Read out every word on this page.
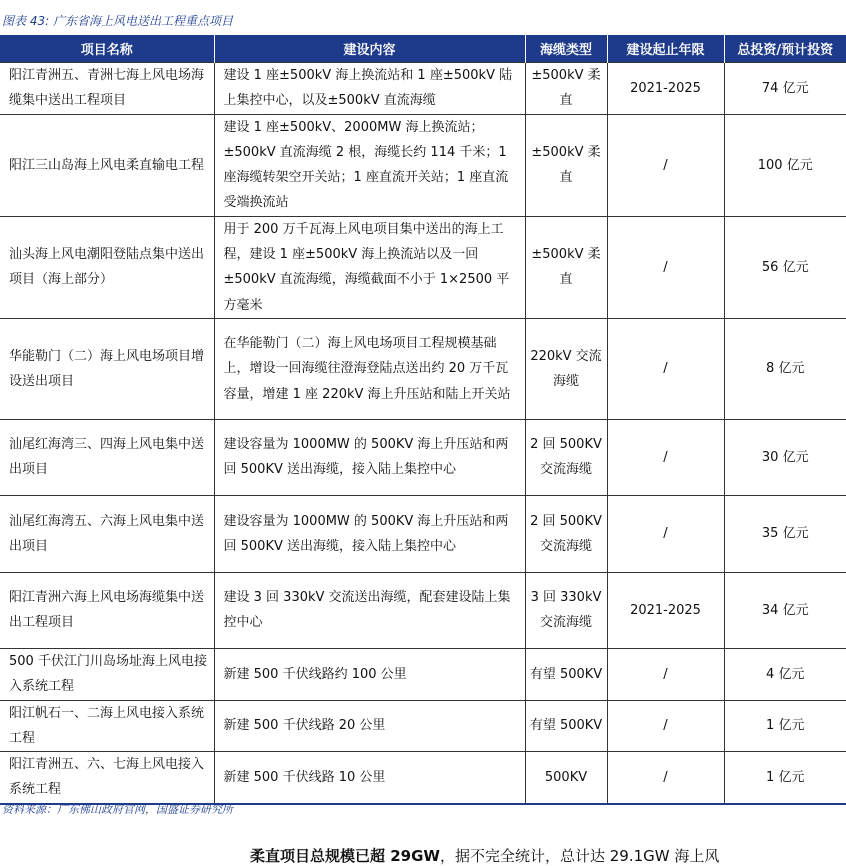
图表 43: 广东省海上风电送出工程重点项目
项目名称	建设内容	海缆类型	建设起止年限	总投资/预计投资
阳江青洲五、青洲七海上风电场海缆集中送出工程项目	建设 1 座±500kV 海上换流站和 1 座±500kV 陆上集控中心，以及±500kV 直流海缆	±500kV 柔直	2021-2025	74 亿元
阳江三山岛海上风电柔直输电工程	建设 1 座±500kV、2000MW 海上换流站；±500kV 直流海缆 2 根，海缆长约 114 千米；1 座海缆转架空开关站；1 座直流开关站；1 座直流受端换流站	±500kV 柔直	/	100 亿元
汕头海上风电潮阳登陆点集中送出项目（海上部分）	用于 200 万千瓦海上风电项目集中送出的海上工程，建设 1 座±500kV 海上换流站以及一回±500kV 直流海缆，海缆截面不小于 1×2500 平方毫米	±500kV 柔直	/	56 亿元
华能勒门（二）海上风电场项目增设送出项目	在华能勒门（二）海上风电场项目工程规模基础上，增设一回海缆往澄海登陆点送出约 20 万千瓦容量，增建 1 座 220kV 海上升压站和陆上开关站	220kV 交流海缆	/	8 亿元
汕尾红海湾三、四海上风电集中送出项目	建设容量为 1000MW 的 500KV 海上升压站和两回 500KV 送出海缆，接入陆上集控中心	2 回 500KV 交流海缆	/	30 亿元
汕尾红海湾五、六海上风电集中送出项目	建设容量为 1000MW 的 500KV 海上升压站和两回 500KV 送出海缆，接入陆上集控中心	2 回 500KV 交流海缆	/	35 亿元
阳江青洲六海上风电场海缆集中送出工程项目	建设 3 回 330kV 交流送出海缆，配套建设陆上集控中心	3 回 330kV 交流海缆	2021-2025	34 亿元
500 千伏江门川岛场址海上风电接入系统工程	新建 500 千伏线路约 100 公里	有望 500KV	/	4 亿元
阳江帆石一、二海上风电接入系统工程	新建 500 千伏线路 20 公里	有望 500KV	/	1 亿元
阳江青洲五、六、七海上风电接入系统工程	新建 500 千伏线路 10 公里	500KV	/	1 亿元
资料来源：广东佛山政府官网，国盛证券研究所
柔直项目总规模已超 29GW，据不完全统计，总计达 29.1GW 海上风
